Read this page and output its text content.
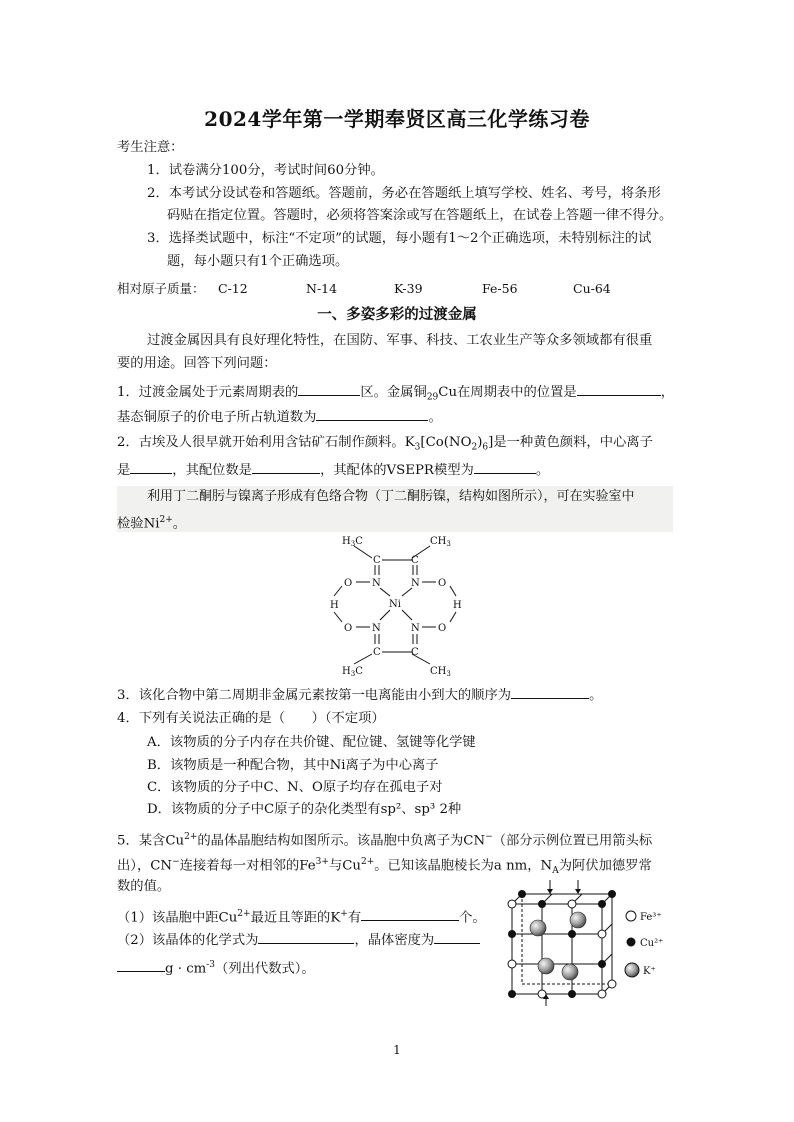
2024学年第一学期奉贤区高三化学练习卷
考生注意：
1．试卷满分100分，考试时间60分钟。
2．本考试分设试卷和答题纸。答题前，务必在答题纸上填写学校、姓名、考号，将条形
码贴在指定位置。答题时，必须将答案涂或写在答题纸上，在试卷上答题一律不得分。
3．选择类试题中，标注“不定项”的试题，每小题有1～2个正确选项，未特别标注的试
题，每小题只有1个正确选项。
相对原子质量： C-12	N-14	K-39	Fe-56	Cu-64
一、多姿多彩的过渡金属
过渡金属因具有良好理化特性，在国防、军事、科技、工农业生产等众多领域都有很重
要的用途。回答下列问题：
1．过渡金属处于元素周期表的	区。金属铜$_{29}$Cu在周期表中的位置是	，
基态铜原子的价电子所占轨道数为	。
2．古埃及人很早就开始利用含钴矿石制作颜料。$K_3[Co(NO_2)_6]$是一种黄色颜料，中心离子
是	，其配位数是	，其配体的VSEPR模型为	。
利用丁二酮肟与镍离子形成有色络合物（丁二酮肟镍，结构如图所示），可在实验室中
检验$Ni^{2+}$。
$H_3C$	$CH_3$
C	C
O N	N O
H	Ni	H
O N	N O
C	C
$H_3C$	$CH_3$
3．该化合物中第二周期非金属元素按第一电离能由小到大的顺序为	。
4．下列有关说法正确的是（　　）（不定项）
A．该物质的分子内存在共价键、配位键、氢键等化学键
B．该物质是一种配合物，其中Ni离子为中心离子
C．该物质的分子中C、N、O原子均存在孤电子对
D．该物质的分子中C原子的杂化类型有sp²、sp³ 2种
5．某含$Cu^{2+}$的晶体晶胞结构如图所示。该晶胞中负离子为CN−（部分示例位置已用箭头标
出），CN−连接着每一对相邻的$Fe^{3+}$与$Cu^{2+}$。已知该晶胞棱长为a nm，$N_A$为阿伏加德罗常
数的值。
（1）该晶胞中距$Cu^{2+}$最近且等距的K+有	个。
（2）该晶体的化学式为	，晶体密度为
$g \cdot cm^{-3}$（列出代数式）。
Fe³⁺
Cu²⁺
K⁺
1
